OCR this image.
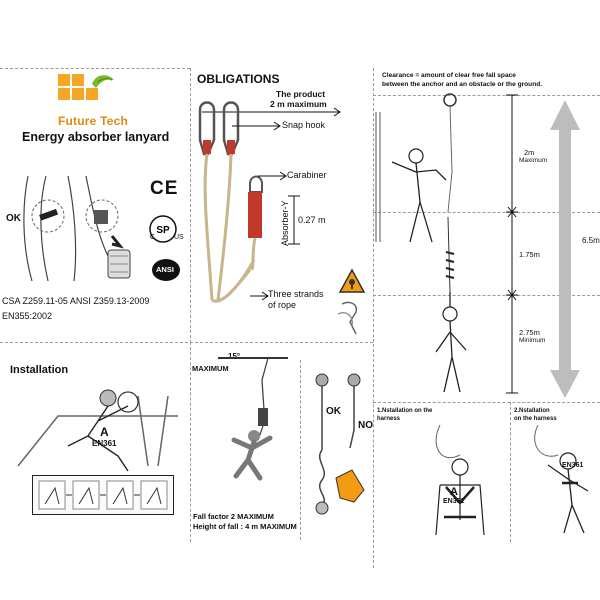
Future Tech
Energy absorber lanyard
OK
CE
SP
C	US
ANSI
CSA Z259.11-05 ANSI Z359.13-2009
EN355:2002
OBLIGATIONS
The product
2 m maximum
Snap hook
Carabiner
Absorber-Y 0.27 m
Three strands
of rope
Clearance = amount of clear free fall space
between the anchor and an obstacle or the ground.
2m
Maximum
1.75m
2.75m
Minimum
6.5m
Installation
A
EN361
15°
MAXIMUM
Fall factor 2 MAXIMUM
Height of fall : 4 m MAXIMUM
OK
NO
1.Nstallation on the
harness
2.Nstallation
on the harness
A
EN361
EN361
